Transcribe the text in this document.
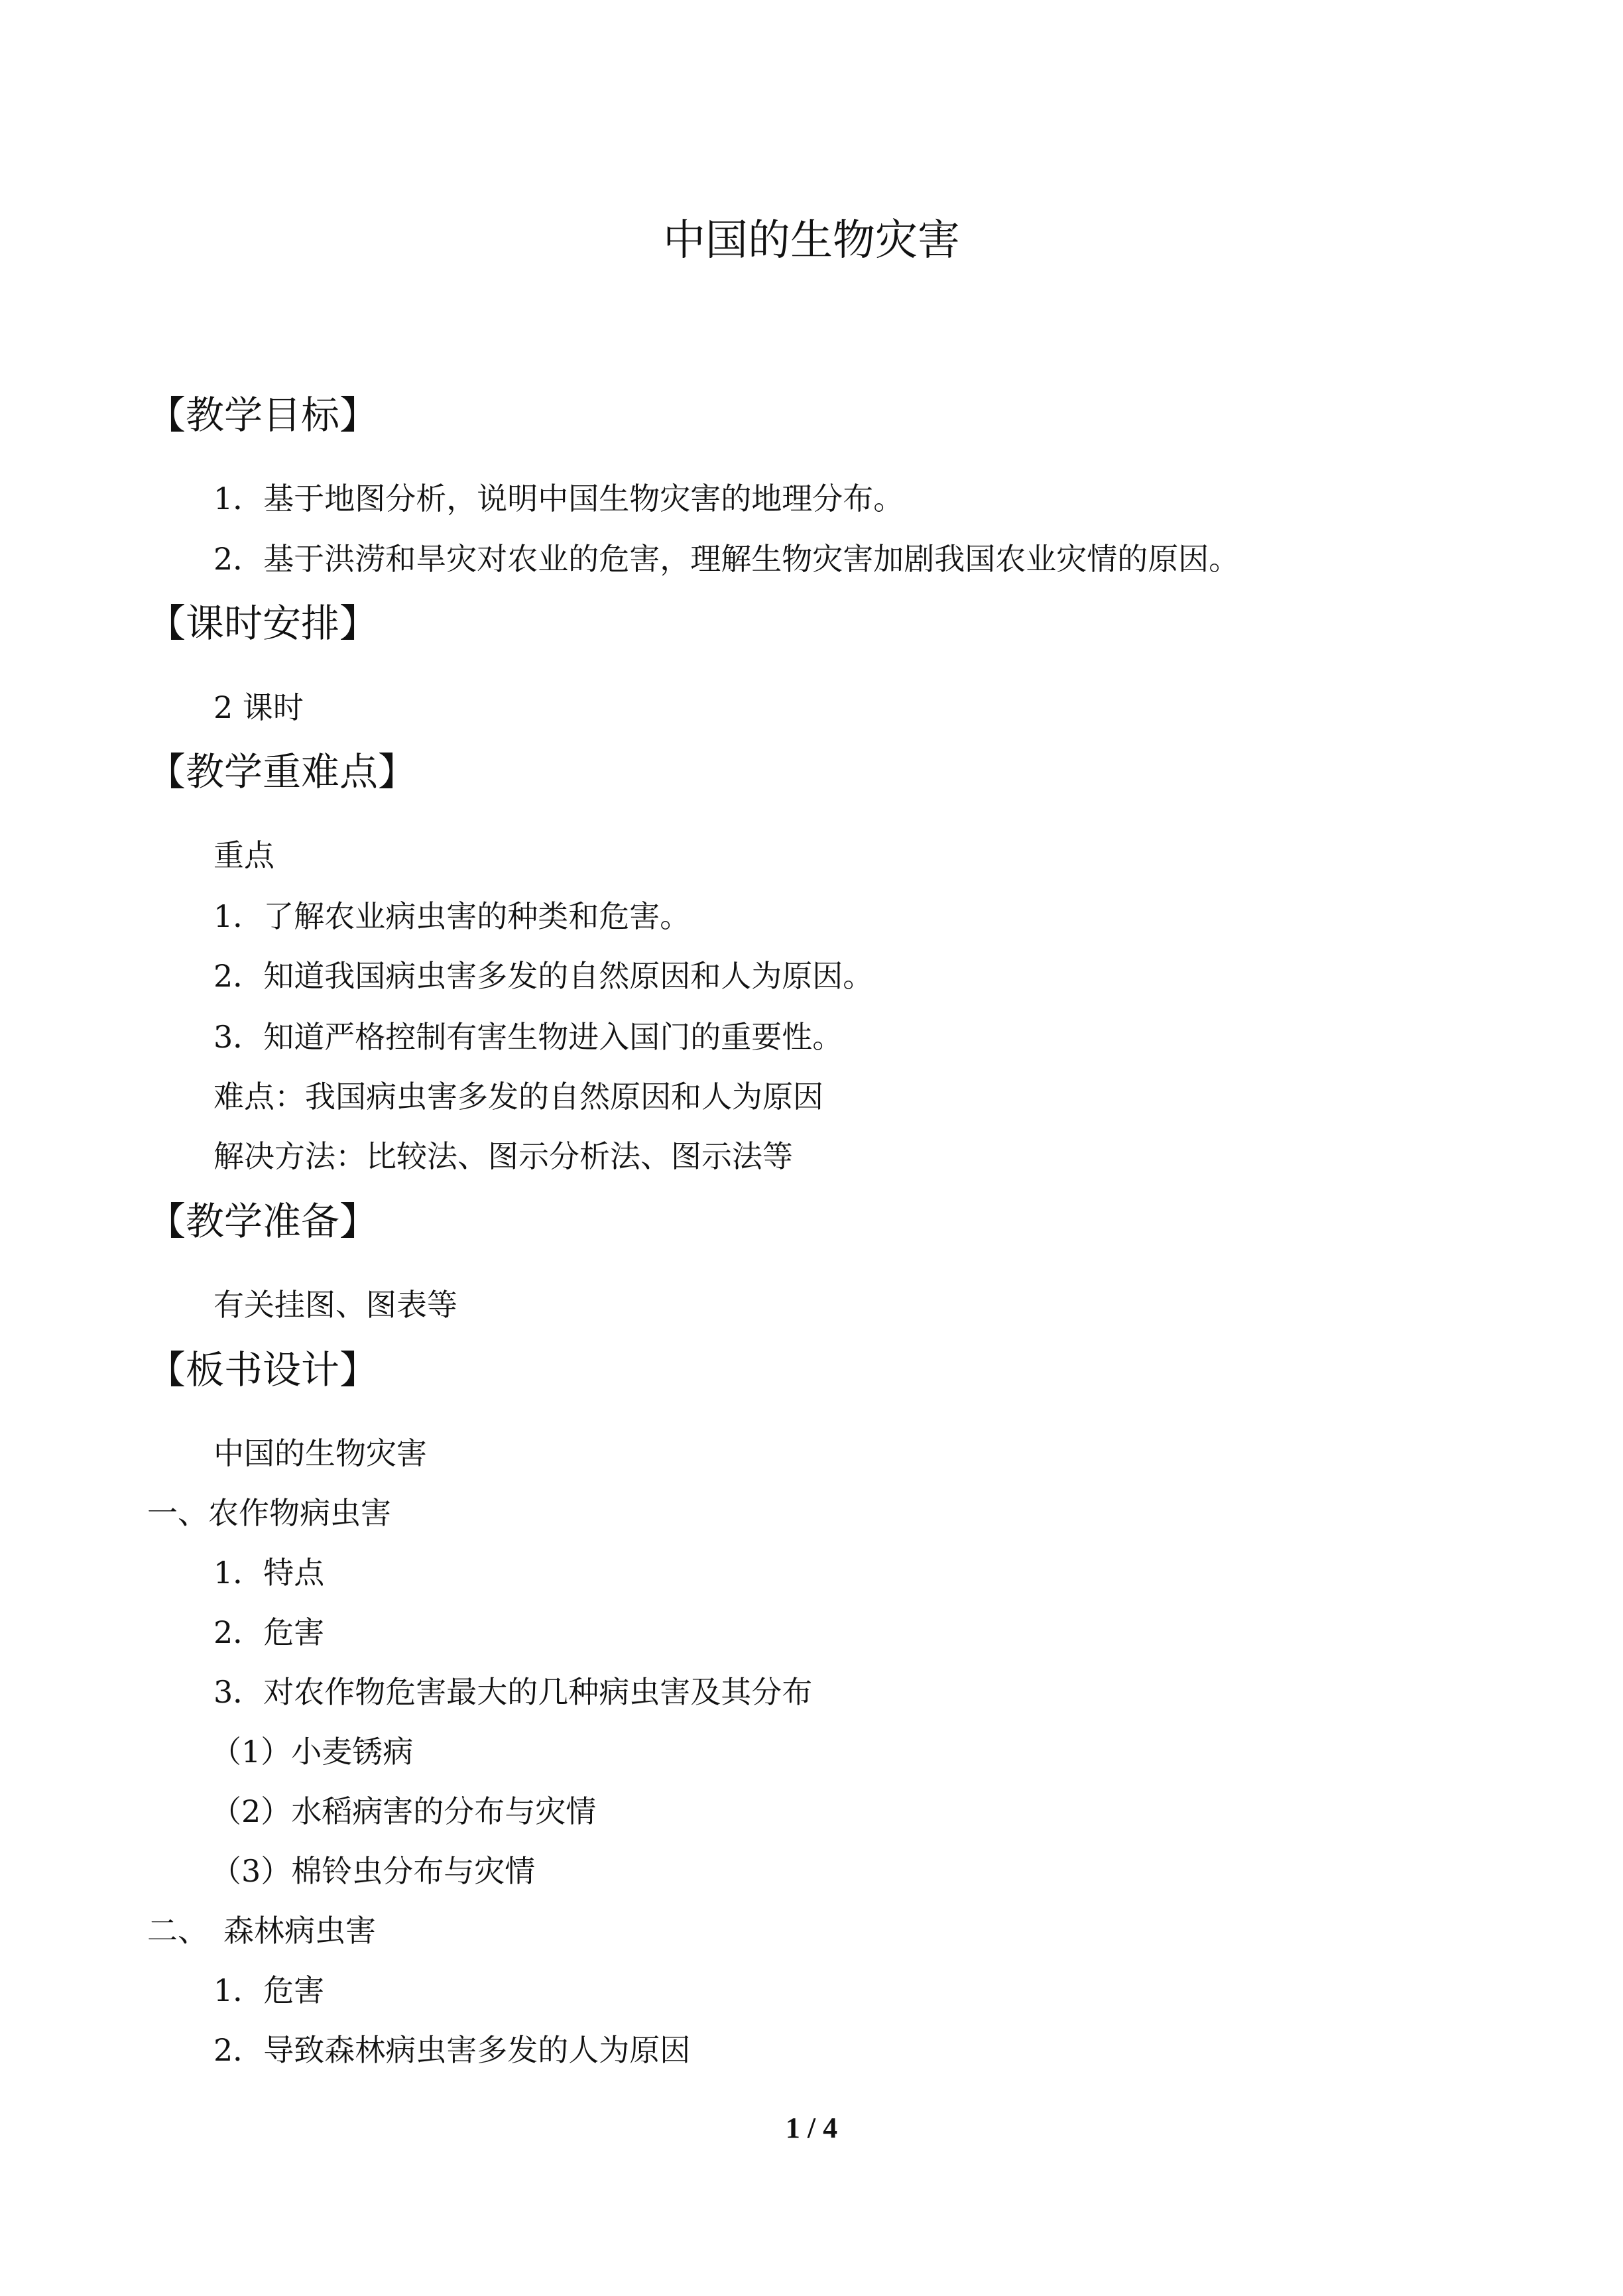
中国的生物灾害
【教学目标】

1．基于地图分析，说明中国生物灾害的地理分布。

2．基于洪涝和旱灾对农业的危害，理解生物灾害加剧我国农业灾情的原因。

【课时安排】

2 课时

【教学重难点】

重点

1．了解农业病虫害的种类和危害。

2．知道我国病虫害多发的自然原因和人为原因。

3．知道严格控制有害生物进入国门的重要性。

难点：我国病虫害多发的自然原因和人为原因

解决方法：比较法、图示分析法、图示法等

【教学准备】

有关挂图、图表等

【板书设计】

中国的生物灾害

一、农作物病虫害

1．特点

2．危害

3．对农作物危害最大的几种病虫害及其分布

（1）小麦锈病

（2）水稻病害的分布与灾情

（3）棉铃虫分布与灾情

二、　森林病虫害

1．危害

2．导致森林病虫害多发的人为原因

1 / 4
